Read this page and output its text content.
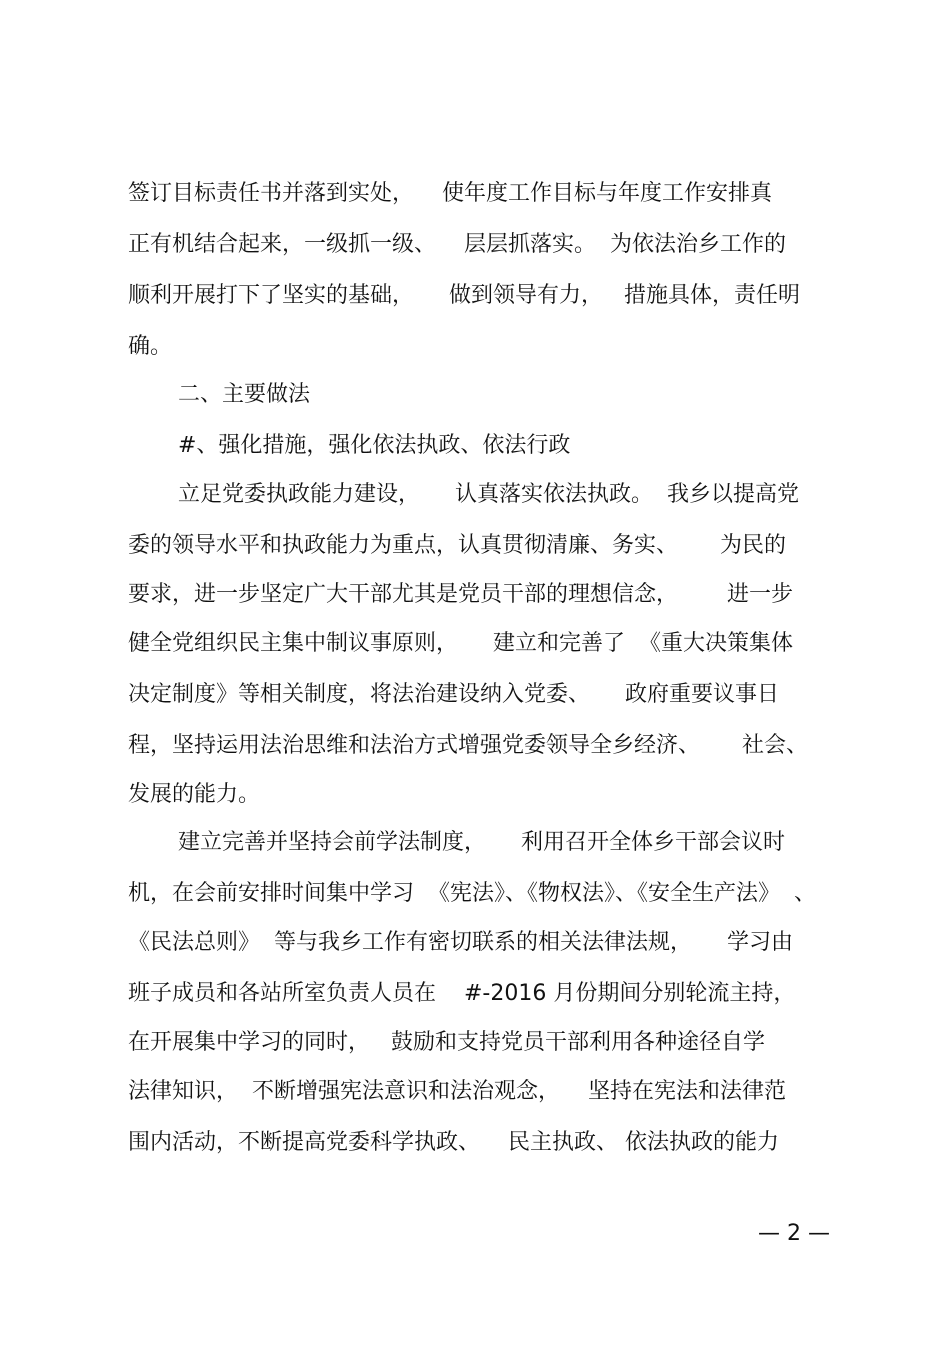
签订目标责任书并落到实处，    使年度工作目标与年度工作安排真
正有机结合起来，一级抓一级、    层层抓落实。  为依法治乡工作的
顺利开展打下了坚实的基础，     做到领导有力，   措施具体，责任明
确。
二、主要做法
#、强化措施，强化依法执政、依法行政
立足党委执政能力建设，     认真落实依法执政。  我乡以提高党
委的领导水平和执政能力为重点，认真贯彻清廉、务实、      为民的
要求，进一步坚定广大干部尤其是党员干部的理想信念，       进一步
健全党组织民主集中制议事原则，     建立和完善了  《重大决策集体
决定制度》等相关制度，将法治建设纳入党委、     政府重要议事日
程，坚持运用法治思维和法治方式增强党委领导全乡经济、      社会、
发展的能力。
建立完善并坚持会前学法制度，     利用召开全体乡干部会议时
机，在会前安排时间集中学习  《宪法》、《物权法》、《安全生产法》  、
《民法总则》  等与我乡工作有密切联系的相关法律法规，     学习由
班子成员和各站所室负责人员在    #-2016 月份期间分别轮流主持，
在开展集中学习的同时，   鼓励和支持党员干部利用各种途径自学
法律知识，  不断增强宪法意识和法治观念，    坚持在宪法和法律范
围内活动，不断提高党委科学执政、    民主执政、 依法执政的能力
— 2 —
